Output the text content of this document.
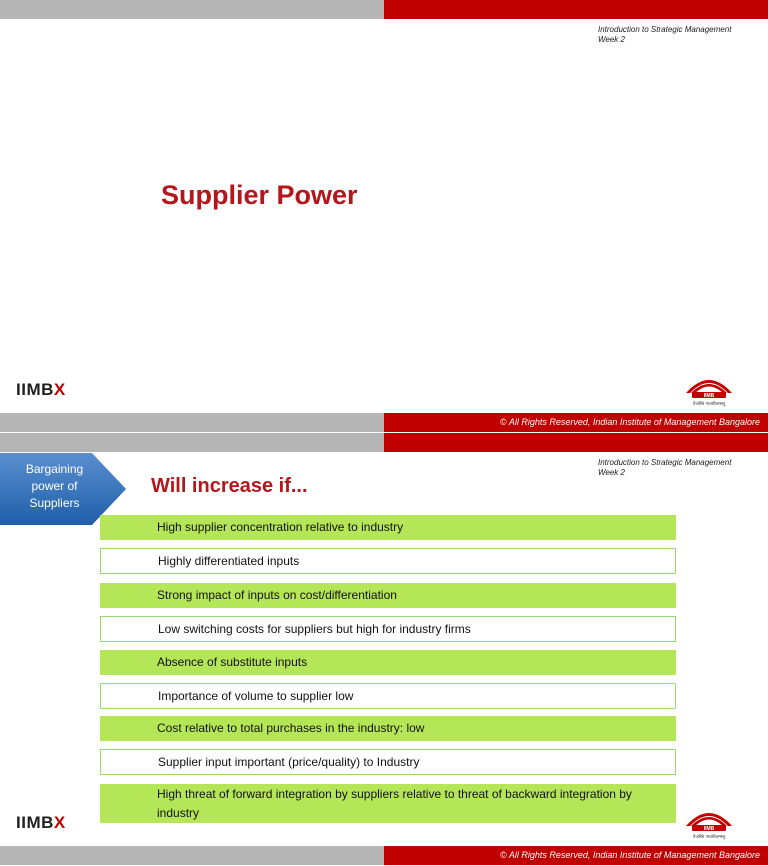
Introduction to Strategic Management
Week 2
Supplier Power
IIMBX	IIMB
तेजस्वि नावधीतमस्तु
© All Rights Reserved, Indian Institute of Management Bangalore
Introduction to Strategic Management
Week 2
Bargaining
power of
Suppliers
Will increase if...
High supplier concentration relative to industry
Highly differentiated inputs
Strong impact of inputs on cost/differentiation
Low switching costs for suppliers but high for industry firms
Absence of substitute inputs
Importance of volume to supplier low
Cost relative to total purchases in the industry: low
Supplier input important (price/quality) to Industry
High threat of forward integration by suppliers relative to threat of backward integration by industry
IIMBX	IIMB
तेजस्वि नावधीतमस्तु
© All Rights Reserved, Indian Institute of Management Bangalore
